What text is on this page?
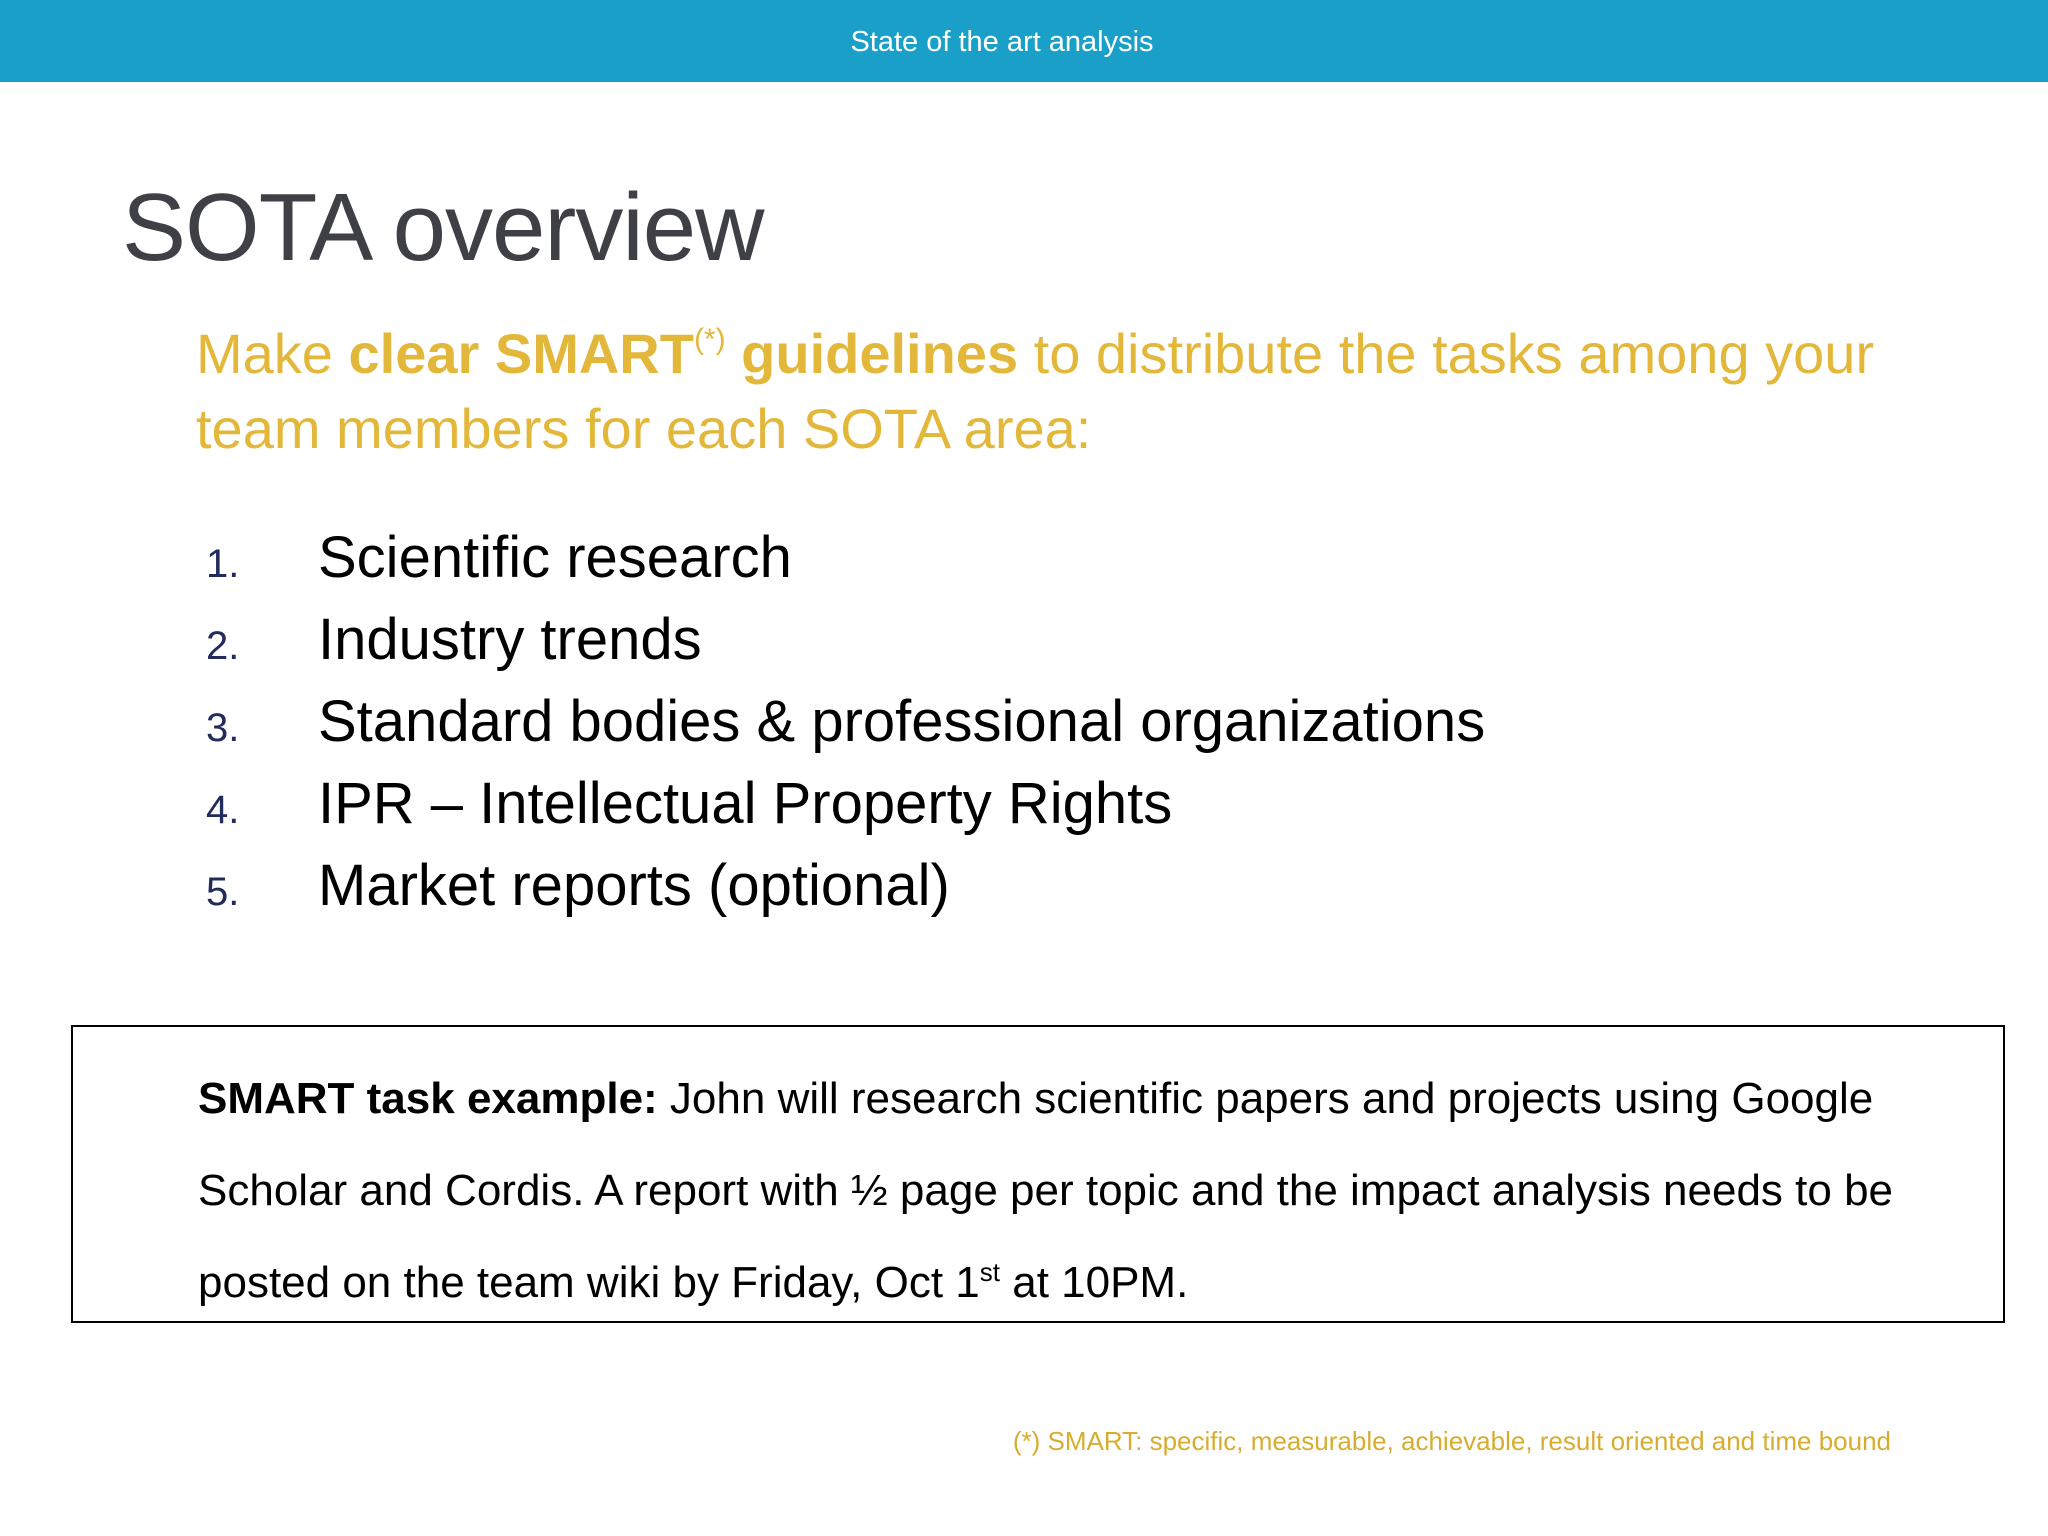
State of the art analysis
SOTA overview

Make clear SMART(*) guidelines to distribute the tasks among your team members for each SOTA area:

1.	Scientific research
2.	Industry trends
3.	Standard bodies & professional organizations
4.	IPR – Intellectual Property Rights
5.	Market reports (optional)

SMART task example: John will research scientific papers and projects using Google Scholar and Cordis. A report with ½ page per topic and the impact analysis needs to be posted on the team wiki by Friday, Oct 1st at 10PM.

(*) SMART: specific, measurable, achievable, result oriented and time bound
